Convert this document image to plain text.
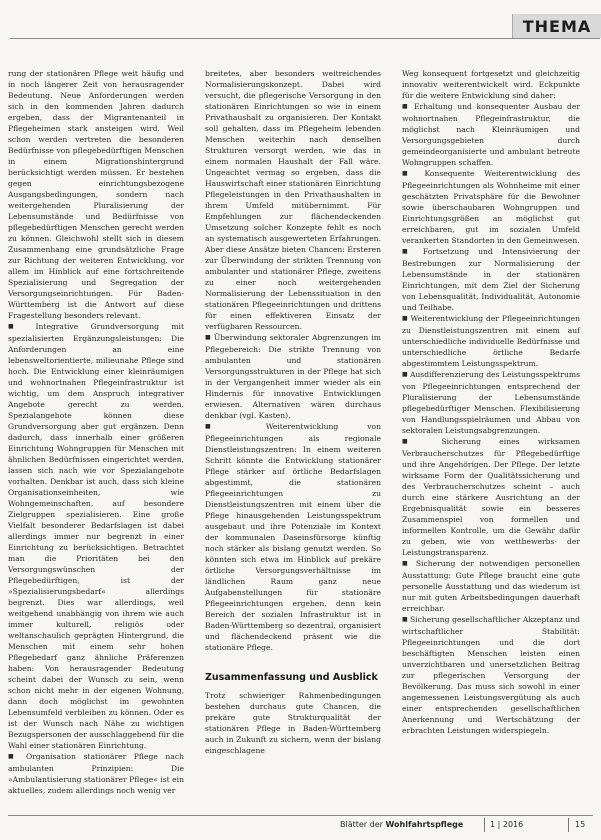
THEMA

rung der stationären Pflege weit häufig und in noch längerer Zeit von herausragender Bedeutung. Neue Anforderungen werden sich in den kommenden Jahren dadurch ergeben, dass der Migrantenanteil in Pflegeheimen stark ansteigen wird. Weil schon werden vertreten die besonderen Bedürfnisse von pflegebedürftigen Menschen in einem Migrationshintergrund berücksichtigt werden müssen. Er bestehen gegen einrichtungsbezogene Ausgangsbedingungen, sondern nach weitergehenden Pluralisierung der Lebensumstände und Bedürfnisse von pflegebedürftigen Menschen gerecht werden zu können. Gleichwohl stellt sich in diesem Zusammenhang eine grundsätzliche Frage zur Richtung der weiteren Entwicklung, vor allem im Hinblick auf eine fortschreitende Spezialisierung und Segregation der Versorgungseinrichtungen. Für Baden-Württemberg ist die Antwort auf diese Fragestellung besonders relevant.

■ Integrative Grundversorgung mit spezialisierten Ergänzungsleistungen: Die Anforderungen an eine lebensweltorientierte, milieunahe Pflege sind hoch. Die Entwicklung einer kleinräumigen und wohnortnahen Pflegeinfrastruktur ist wichtig, um dem Anspruch integrativer Angebote gerecht zu werden. Spezialangebote können diese Grundversorgung aber gut ergänzen. Denn dadurch, dass innerhalb einer größeren Einrichtung Wohngruppen für Menschen mit ähnlichen Bedürfnissen eingerichtet werden, lassen sich nach wie vor Spezialangebote vorhalten. Denkbar ist auch, dass sich kleine Organisationseinheiten, wie Wohngemeinschaften, auf besondere Zielgruppen spezialisieren. Eine große Vielfalt besonderer Bedarfslagen ist dabei allerdings immer nur begrenzt in einer Einrichtung zu berücksichtigen. Betrachtet man die Prioritäten bei den Versorgungswünschen der Pflegebedürftigen, ist der »Spezialisierungsbedarf« allerdings begrenzt. Dies war allerdings, weil weitgehend unabhängig von ihrem wie auch immer kulturell, religiös oder weltanschaulich geprägten Hintergrund, die Menschen mit einem sehr hohen Pflegebedarf ganz ähnliche Präferenzen haben: Von herausragender Bedeutung scheint dabei der Wunsch zu sein, wenn schon nicht mehr in der eigenen Wohnung, dann doch möglichst im gewohnten Lebensumfeld verbleiben zu können. Oder es ist der Wunsch nach Nähe zu wichtigen Bezugspersonen der ausschlaggebend für die Wahl einer stationären Einrichtung.

■ Organisation stationärer Pflege nach ambulanten Prinzipien: Die »Ambulantisierung stationärer Pflege« ist ein aktuelles, zudem allerdings noch wenig ver

breitetes, aber besonders weitreichendes Normalisierungskonzept. Dabei wird versucht, die pflegerische Versorgung in den stationären Einrichtungen so wie in einem Privathaushalt zu organisieren. Der Kontakt soll gehalten, dass im Pflegeheim lebenden Menschen weiterhin nach denselben Strukturen versorgt werden, wie das in einem normalen Haushalt der Fall wäre. Ungeachtet vermag so ergeben, dass die Hauswirtschaft einer stationären Einrichtung Pflegeleistungen in den Privathaushalten in ihrem Umfeld mitübernimmt. Für Empfehlungen zur flächendeckenden Umsetzung solcher Konzepte fehlt es noch an systematisch ausgewerteten Erfahrungen. Aber diese Ansätze bieten Chancen: Ersteren zur Überwindung der strikten Trennung von ambulanter und stationärer Pflege, zweitens zu einer noch weitergehenden Normalisierung der Lebenssituation in den stationären Pflegeeinrichtungen und drittens für einen effektiveren Einsatz der verfügbaren Ressourcen.

■ Überwindung sektoraler Abgrenzungen im Pflegebereich: Die strikte Trennung von ambulanten und stationären Versorgungsstrukturen in der Pflege hat sich in der Vergangenheit immer wieder als ein Hindernis für innovative Entwicklungen erwiesen. Alternativen wären durchaus denkbar (vgl. Kasten).

■ Weiterentwicklung von Pflegeeinrichtungen als regionale Dienstleistungszentren: In einem weiteren Schritt könnte die Entwicklung stationärer Pflege stärker auf örtliche Bedarfslagen abgestimmt, die stationären Pflegeeinrichtungen zu Dienstleistungszentren mit einem über die Pflege hinausgehenden Leistungsspektrum ausgebaut und ihre Potenziale im Kontext der kommunalen Daseinsfürsorge künftig noch stärker als bislang genutzt werden. So könnten sich etwa im Hinblick auf prekäre örtliche Versorgungsverhältnisse im ländlichen Raum ganz neue Aufgabenstellungen für stationäre Pflegeeinrichtungen ergeben, denn kein Bereich der sozialen Infrastruktur ist in Baden-Württemberg so dezentral, organisiert und flächendeckend präsent wie die stationäre Pflege.

Zusammenfassung und Ausblick

Trotz schwieriger Rahmenbedingungen bestehen durchaus gute Chancen, die prekäre gute Strukturqualität der stationären Pflege in Baden-Württemberg auch in Zukunft zu sichern, wenn der bislang eingeschlagene

Weg konsequent fortgesetzt und gleichzeitig innovativ weiterentwickelt wird. Eckpunkte für die weitere Entwicklung sind daher:

■ Erhaltung und konsequenter Ausbau der wohnortnahen Pflegeinfrastruktur, die möglichst nach Kleinräumigen und Versorgungsgebieten durch gemeindeorganisierte und ambulant betreute Wohngruppen schaffen.

■ Konsequente Weiterentwicklung des Pflegeeinrichtungen als Wohnheime mit einer geschätzten Privatsphäre für die Bewohner sowie überschaubaren Wohngruppen und Einrichtungsgrößen an möglichst gut erreichbaren, gut im sozialen Umfeld verankerten Standorten in den Gemeinwesen.

■ Fortsetzung und Intensivierung der Bestrebungen zur Normalisierung der Lebensumstände in der stationären Einrichtungen, mit dem Ziel der Sicherung von Lebensqualität, Individualität, Autonomie und Teilhabe.

■ Weiterentwicklung der Pflegeeinrichtungen zu Dienstleistungszentren mit einem auf unterschiedliche individuelle Bedürfnisse und unterschiedliche örtliche Bedarfe abgestimmtem Leistungsspektrum.

■ Ausdifferenzierung des Leistungsspektrums von Pflegeeinrichtungen entsprechend der Pluralisierung der Lebensumstände pflegebedürftiger Menschen. Flexibilisierung von Handlungsspielräumen und Abbau von sektoralen Leistungsabgrenzungen.

■ Sicherung eines wirksamen Verbraucherschutzes für Pflegebedürftige und ihre Angehörigen. Der Pflege. Der letzte wirksame Form der Qualitätssicherung und des Verbraucherschutzes scheint – auch durch eine stärkere Ausrichtung an der Ergebnisqualität sowie ein besseres Zusammenspiel von formellen und informellen Kontrolle, um die Gewähr dafür zu geben, wie von wettbewerbs- der Leistungstransparenz.

■ Sicherung der notwendigen personellen Ausstattung: Gute Pflege braucht eine gute personelle Ausstattung und das wiederum ist nur mit guten Arbeitsbedingungen dauerhaft erreichbar.

■ Sicherung gesellschaftlicher Akzeptanz und wirtschaftlicher Stabilität: Pflegeeinrichtungen und die dort beschäftigten Menschen leisten einen unverzichtbaren und unersetzlichen Beitrag zur pflegerischen Versorgung der Bevölkerung. Das muss sich sowohl in einer angemessenen Leistungsvergütung als auch einer entsprechenden gesellschaftlichen Anerkennung und Wertschätzung der erbrachten Leistungen widerspiegeln.

Blätter der Wohlfahrtspflege	1 | 2016	15
